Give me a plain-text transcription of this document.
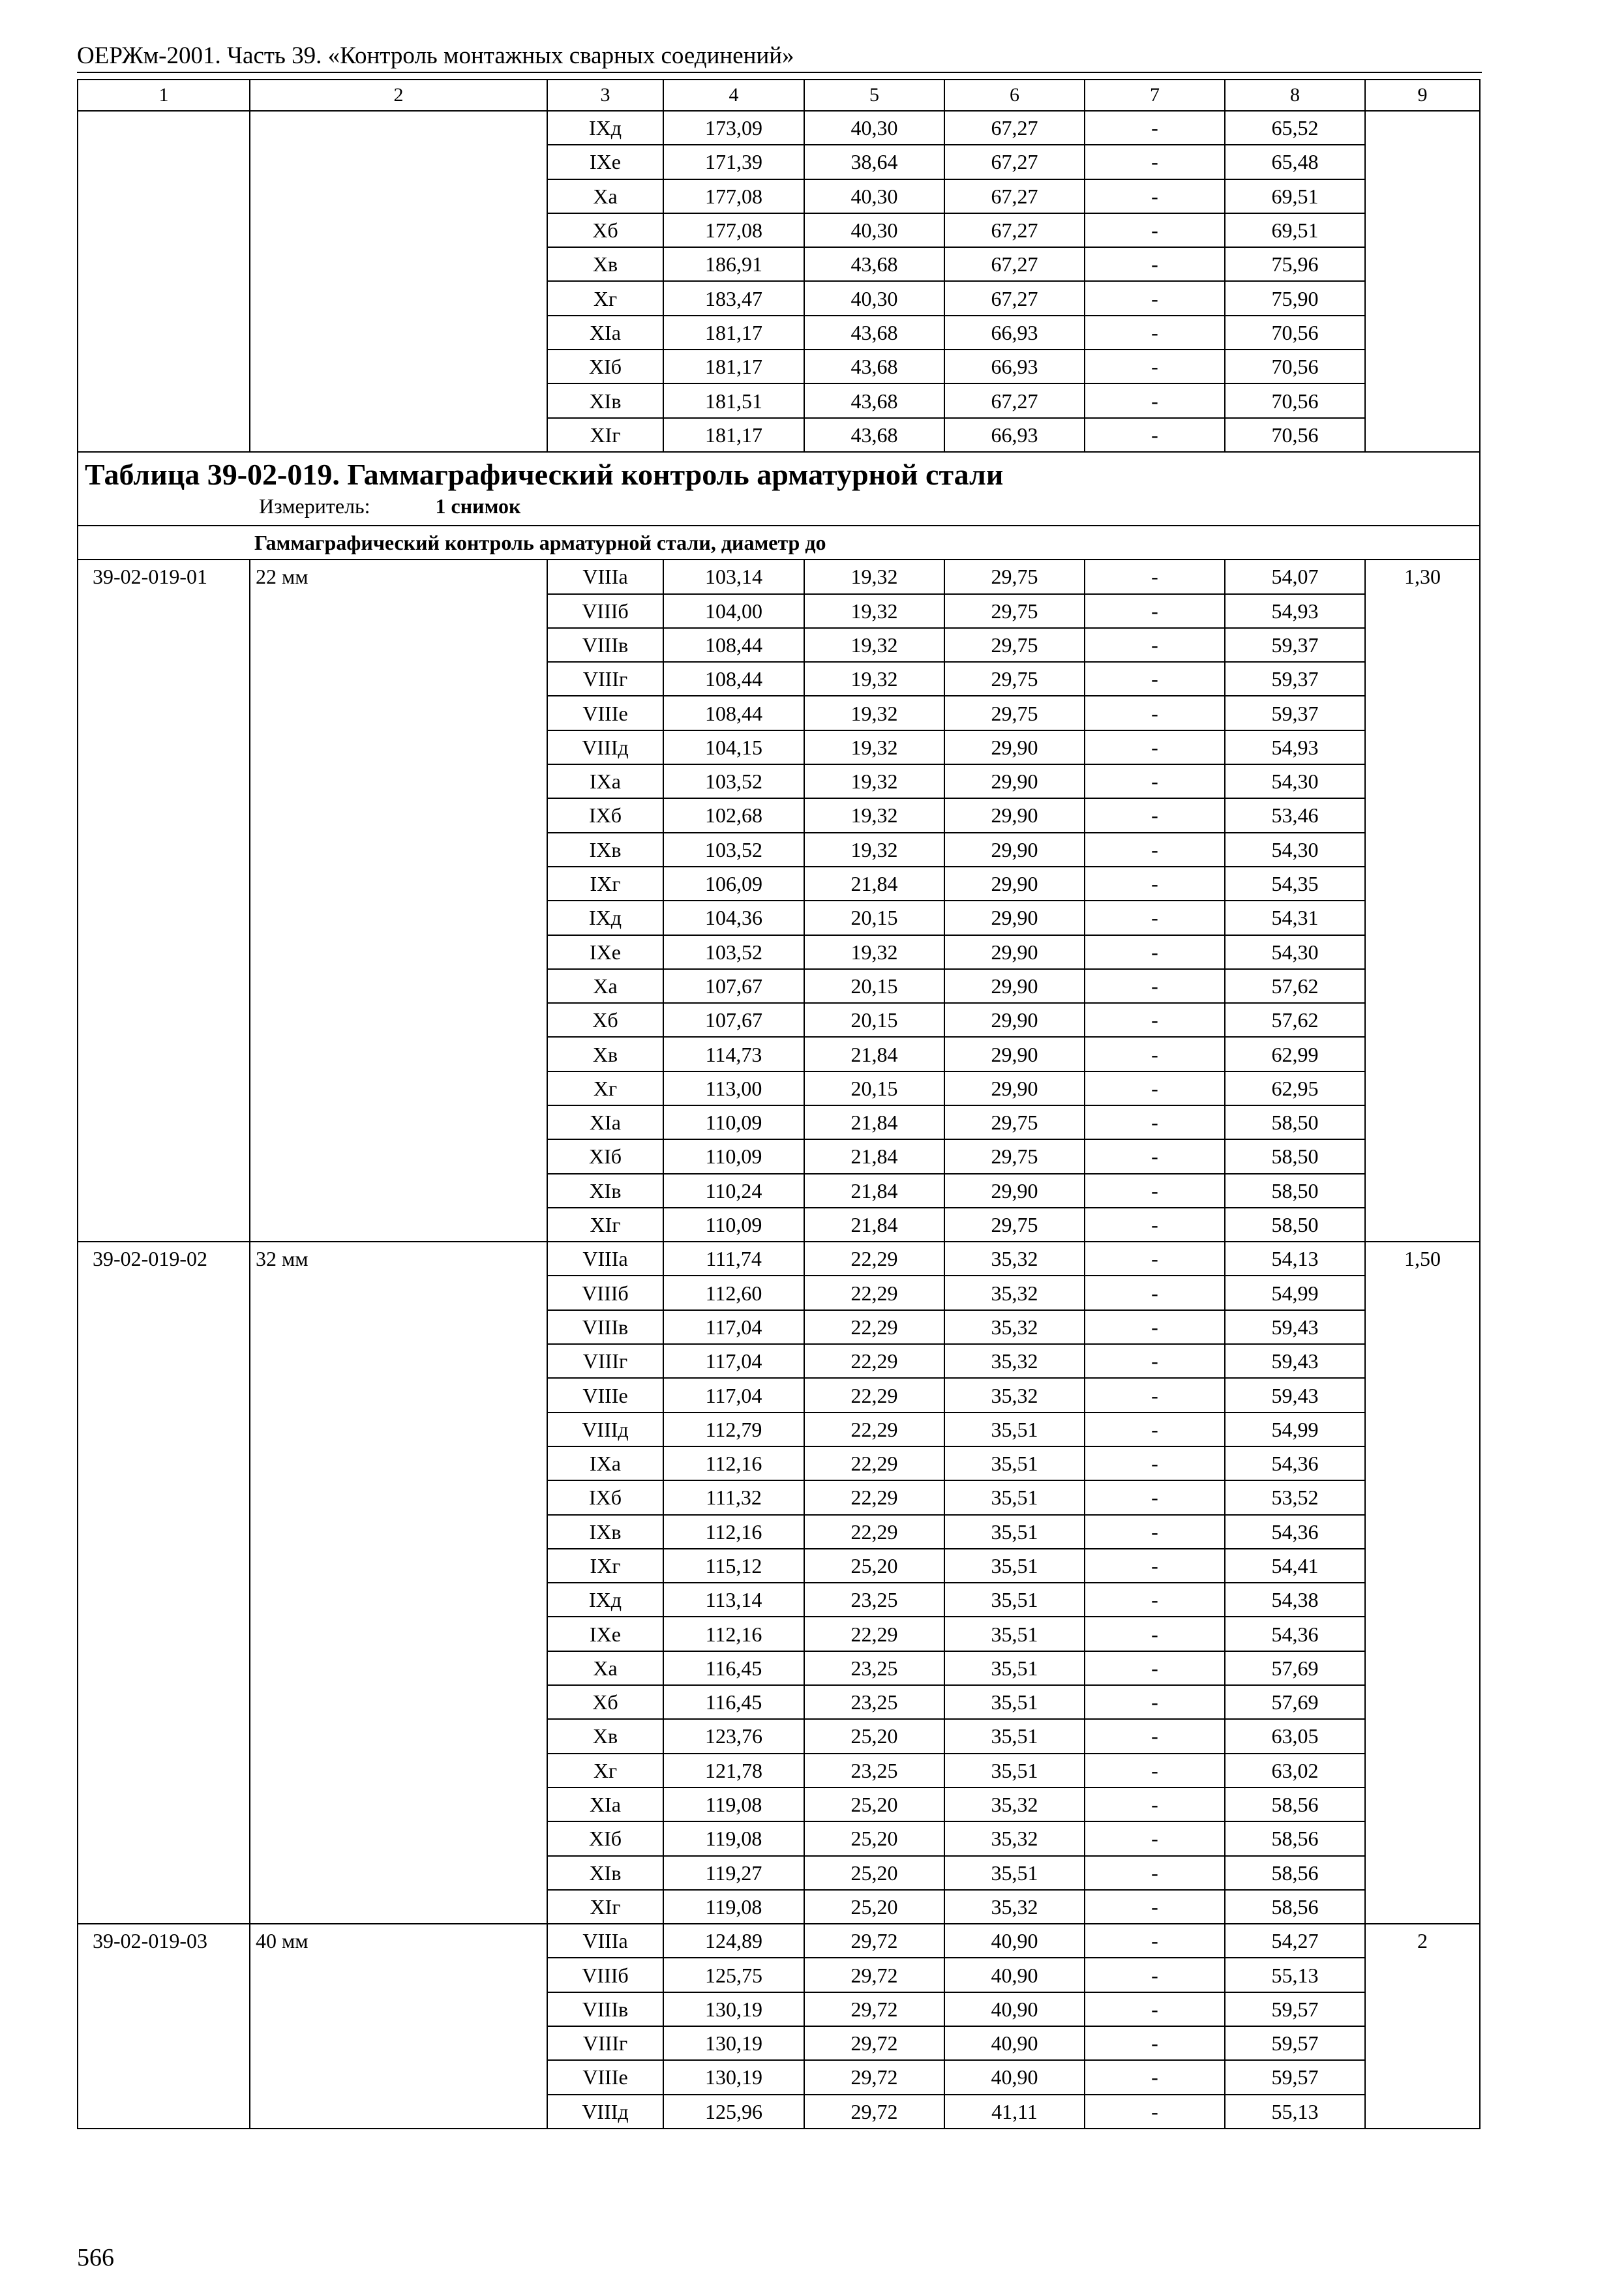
ОЕРЖм-2001. Часть 39. «Контроль монтажных сварных соединений»
1	2	3	4	5	6	7	8	9
		IXд	173,09	40,30	67,27	-	65,52	
		IXе	171,39	38,64	67,27	-	65,48	
		Xа	177,08	40,30	67,27	-	69,51	
		Xб	177,08	40,30	67,27	-	69,51	
		Xв	186,91	43,68	67,27	-	75,96	
		Xг	183,47	40,30	67,27	-	75,90	
		XIа	181,17	43,68	66,93	-	70,56	
		XIб	181,17	43,68	66,93	-	70,56	
		XIв	181,51	43,68	67,27	-	70,56	
		XIг	181,17	43,68	66,93	-	70,56	

Таблица 39-02-019. Гаммаграфический контроль арматурной стали
Измеритель: 1 снимок								

Гаммаграфический контроль арматурной стали, диаметр до								
39-02-019-01	22 мм	VIIIа	103,14	19,32	29,75	-	54,07	1,30
		VIIIб	104,00	19,32	29,75	-	54,93	
		VIIIв	108,44	19,32	29,75	-	59,37	
		VIIIг	108,44	19,32	29,75	-	59,37	
		VIIIе	108,44	19,32	29,75	-	59,37	
		VIIIд	104,15	19,32	29,90	-	54,93	
		IXа	103,52	19,32	29,90	-	54,30	
		IXб	102,68	19,32	29,90	-	53,46	
		IXв	103,52	19,32	29,90	-	54,30	
		IXг	106,09	21,84	29,90	-	54,35	
		IXд	104,36	20,15	29,90	-	54,31	
		IXе	103,52	19,32	29,90	-	54,30	
		Xа	107,67	20,15	29,90	-	57,62	
		Xб	107,67	20,15	29,90	-	57,62	
		Xв	114,73	21,84	29,90	-	62,99	
		Xг	113,00	20,15	29,90	-	62,95	
		XIа	110,09	21,84	29,75	-	58,50	
		XIб	110,09	21,84	29,75	-	58,50	
		XIв	110,24	21,84	29,90	-	58,50	
		XIг	110,09	21,84	29,75	-	58,50	
39-02-019-02	32 мм	VIIIа	111,74	22,29	35,32	-	54,13	1,50
		VIIIб	112,60	22,29	35,32	-	54,99	
		VIIIв	117,04	22,29	35,32	-	59,43	
		VIIIг	117,04	22,29	35,32	-	59,43	
		VIIIе	117,04	22,29	35,32	-	59,43	
		VIIIд	112,79	22,29	35,51	-	54,99	
		IXа	112,16	22,29	35,51	-	54,36	
		IXб	111,32	22,29	35,51	-	53,52	
		IXв	112,16	22,29	35,51	-	54,36	
		IXг	115,12	25,20	35,51	-	54,41	
		IXд	113,14	23,25	35,51	-	54,38	
		IXе	112,16	22,29	35,51	-	54,36	
		Xа	116,45	23,25	35,51	-	57,69	
		Xб	116,45	23,25	35,51	-	57,69	
		Xв	123,76	25,20	35,51	-	63,05	
		Xг	121,78	23,25	35,51	-	63,02	
		XIа	119,08	25,20	35,32	-	58,56	
		XIб	119,08	25,20	35,32	-	58,56	
		XIв	119,27	25,20	35,51	-	58,56	
		XIг	119,08	25,20	35,32	-	58,56	
39-02-019-03	40 мм	VIIIа	124,89	29,72	40,90	-	54,27	2
		VIIIб	125,75	29,72	40,90	-	55,13	
		VIIIв	130,19	29,72	40,90	-	59,57	
		VIIIг	130,19	29,72	40,90	-	59,57	
		VIIIе	130,19	29,72	40,90	-	59,57	
		VIIIд	125,96	29,72	41,11	-	55,13	
566
